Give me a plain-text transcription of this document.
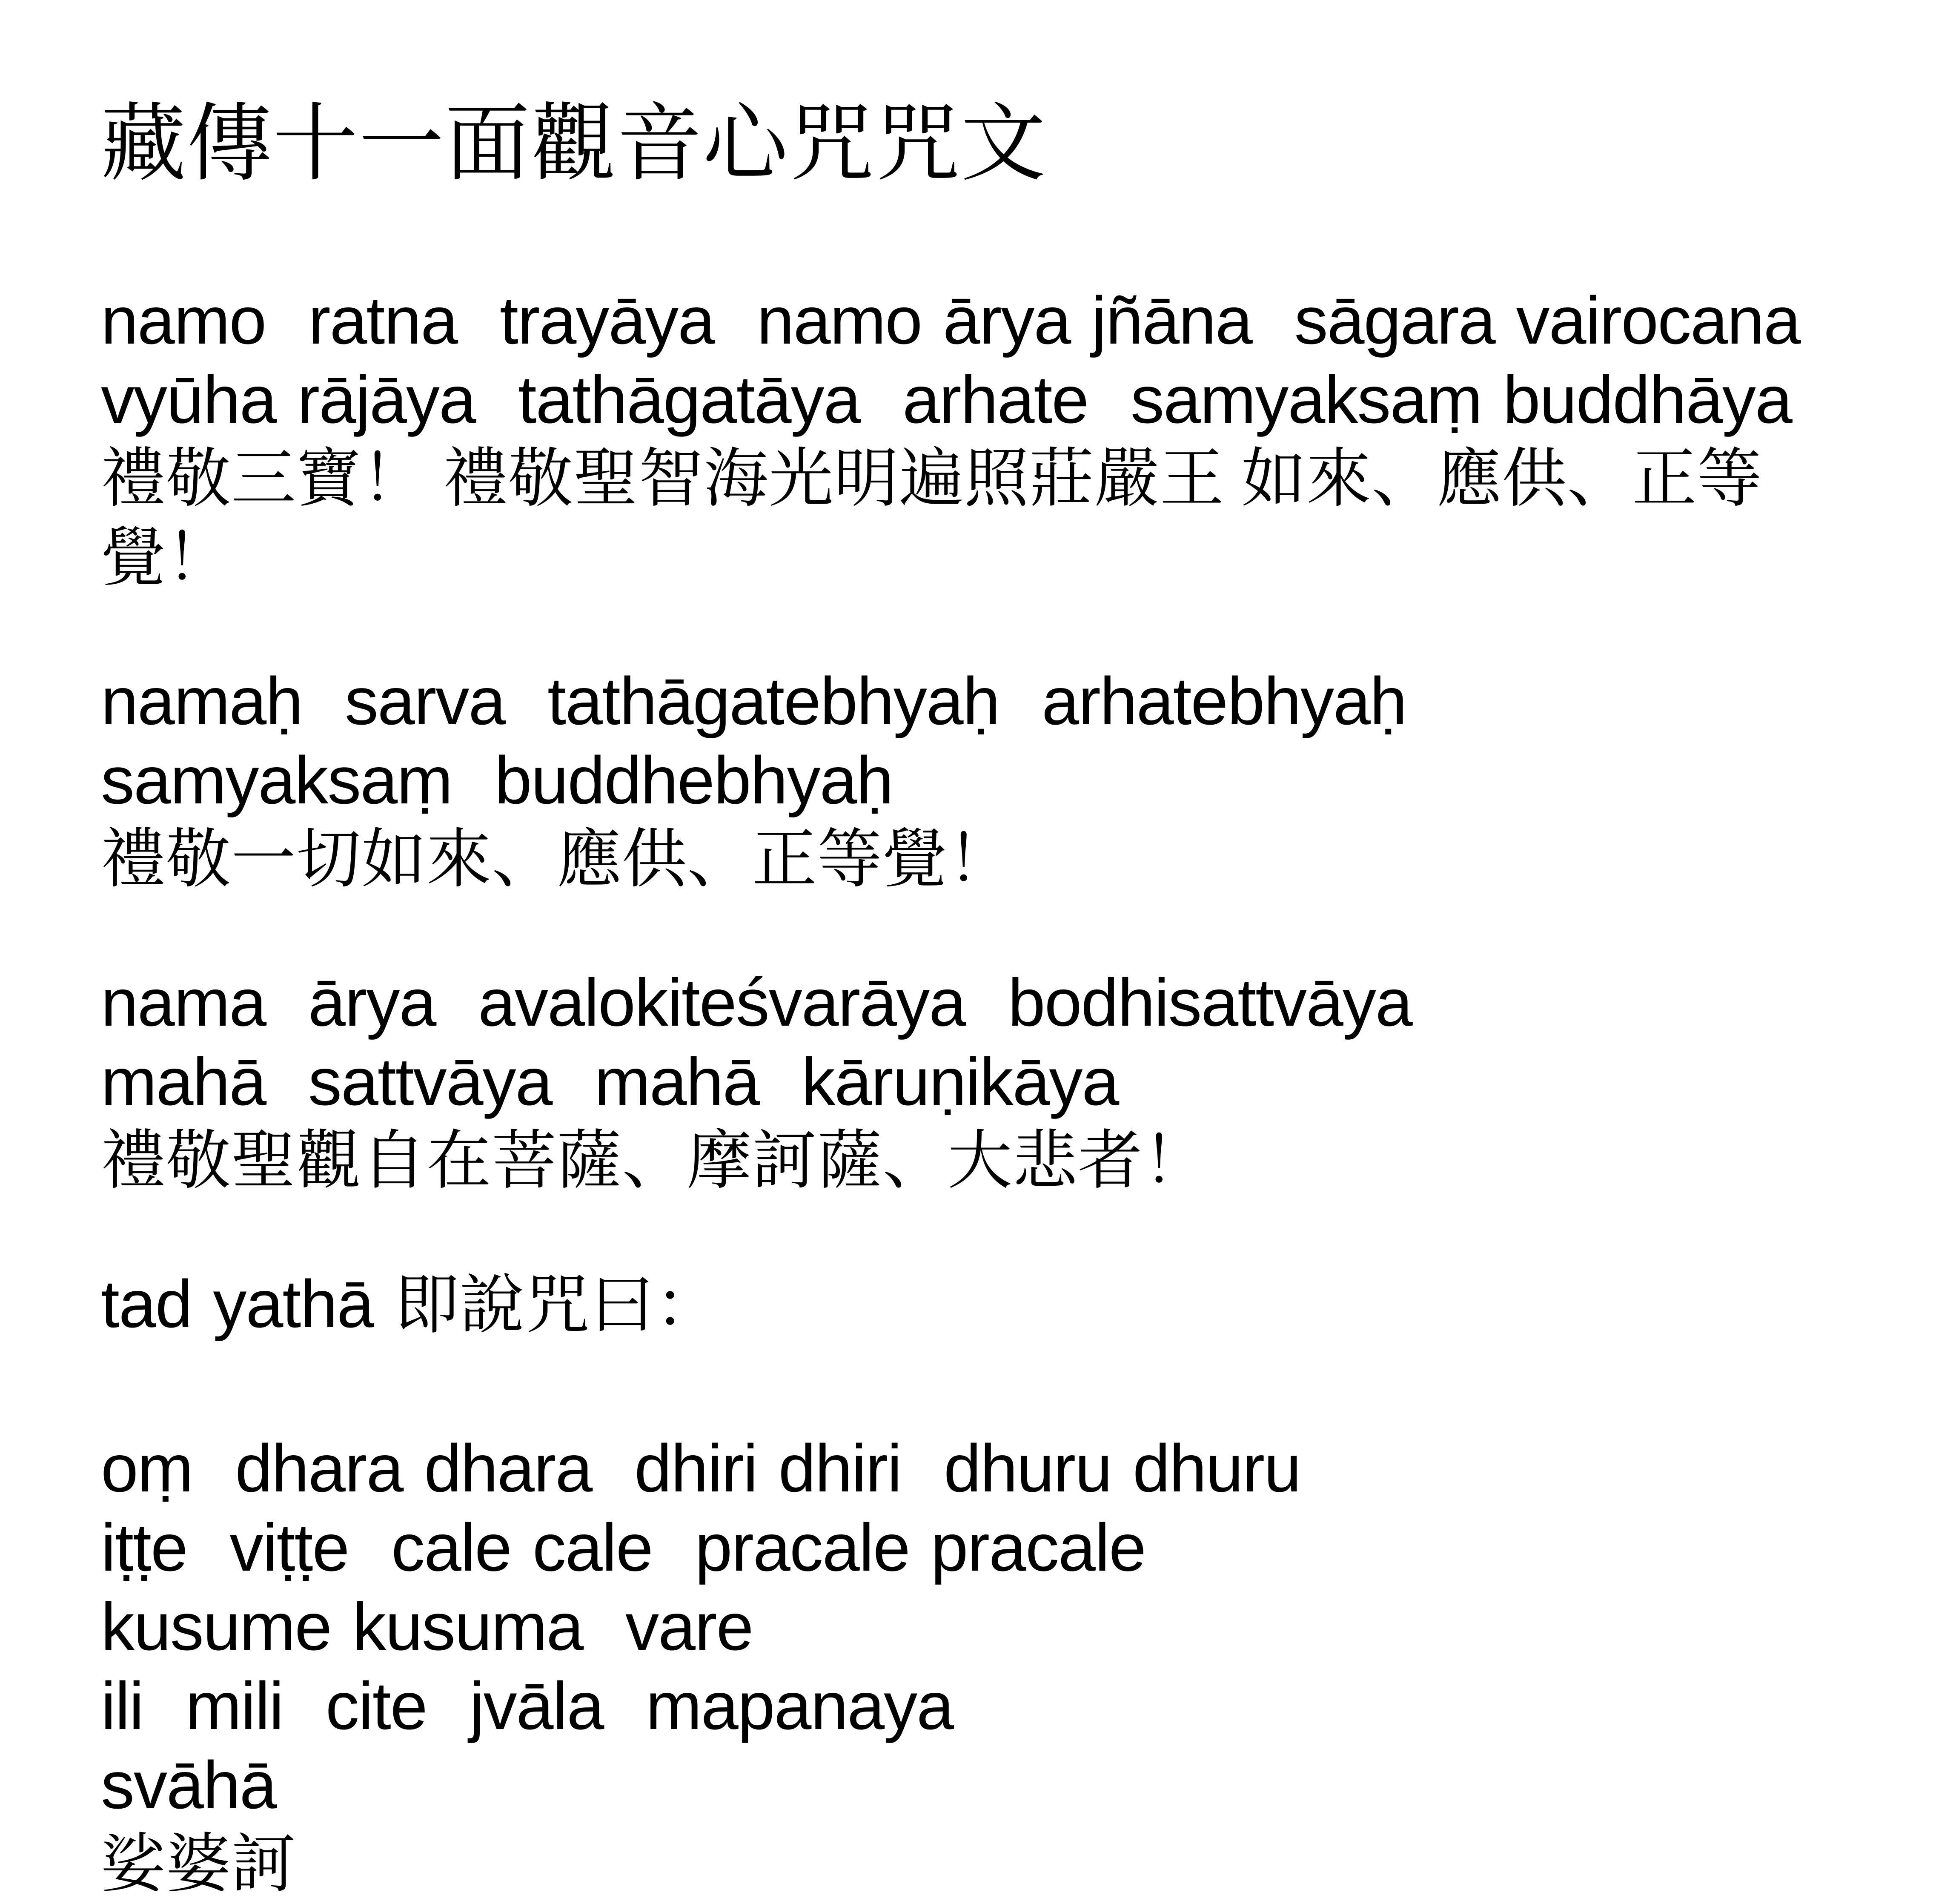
藏傳十一面觀音心咒咒文

namo  ratna  trayāya  namo ārya jñāna  sāgara vairocana

vyūha rājāya  tathāgatāya  arhate  samyaksaṃ buddhāya

禮敬三寶！ 禮敬聖智海光明遍照莊嚴王 如來、應供、正等覺！

namaḥ  sarva  tathāgatebhyaḥ  arhatebhyaḥ

samyaksaṃ  buddhebhyaḥ

禮敬一切如來、應供、正等覺！

nama  ārya  avalokiteśvarāya  bodhisattvāya

mahā  sattvāya  mahā  kāruṇikāya

禮敬聖觀自在菩薩、摩訶薩、大悲者！

tad yathā 即說咒曰：

oṃ  dhara dhara  dhiri dhiri  dhuru dhuru

iṭṭe  viṭṭe  cale cale  pracale pracale

kusume kusuma  vare

ili  mili  cite  jvāla  mapanaya

svāhā

娑婆訶
